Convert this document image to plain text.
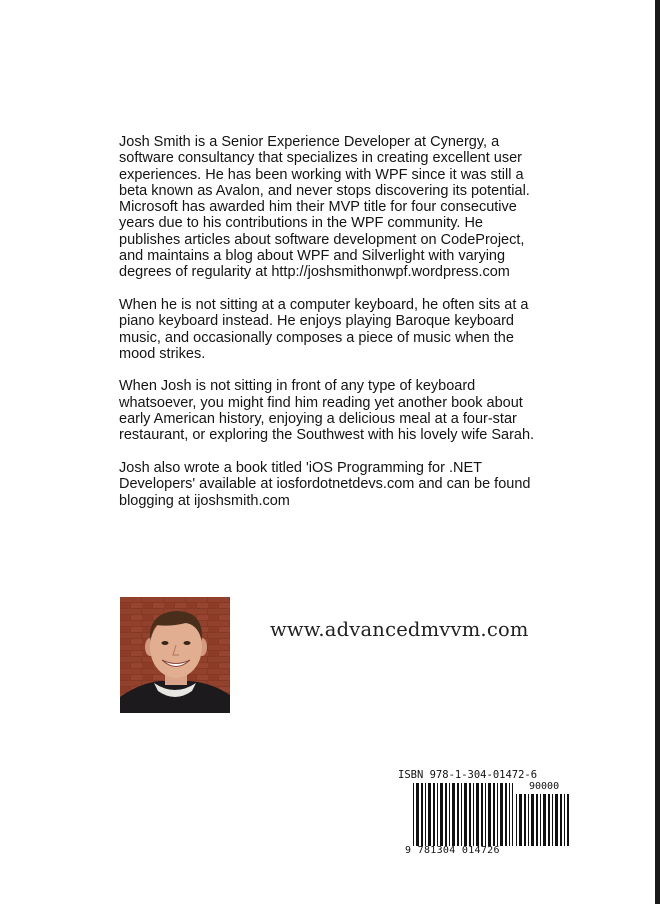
Josh Smith is a Senior Experience Developer at Cynergy, a software consultancy that specializes in creating excellent user experiences. He has been working with WPF since it was still a beta known as Avalon, and never stops discovering its potential. Microsoft has awarded him their MVP title for four consecutive years due to his contributions in the WPF community. He publishes articles about software development on CodeProject, and maintains a blog about WPF and Silverlight with varying degrees of regularity at http://joshsmithonwpf.wordpress.com

When he is not sitting at a computer keyboard, he often sits at a piano keyboard instead. He enjoys playing Baroque keyboard music, and occasionally composes a piece of music when the mood strikes.

When Josh is not sitting in front of any type of keyboard whatsoever, you might find him reading yet another book about early American history, enjoying a delicious meal at a four-star restaurant, or exploring the Southwest with his lovely wife Sarah.

Josh also wrote a book titled 'iOS Programming for .NET Developers' available at iosfordotnetdevs.com and can be found blogging at ijoshsmith.com

www.advancedmvvm.com
ISBN 978-1-304-01472-6
90000
9 781304 014726
